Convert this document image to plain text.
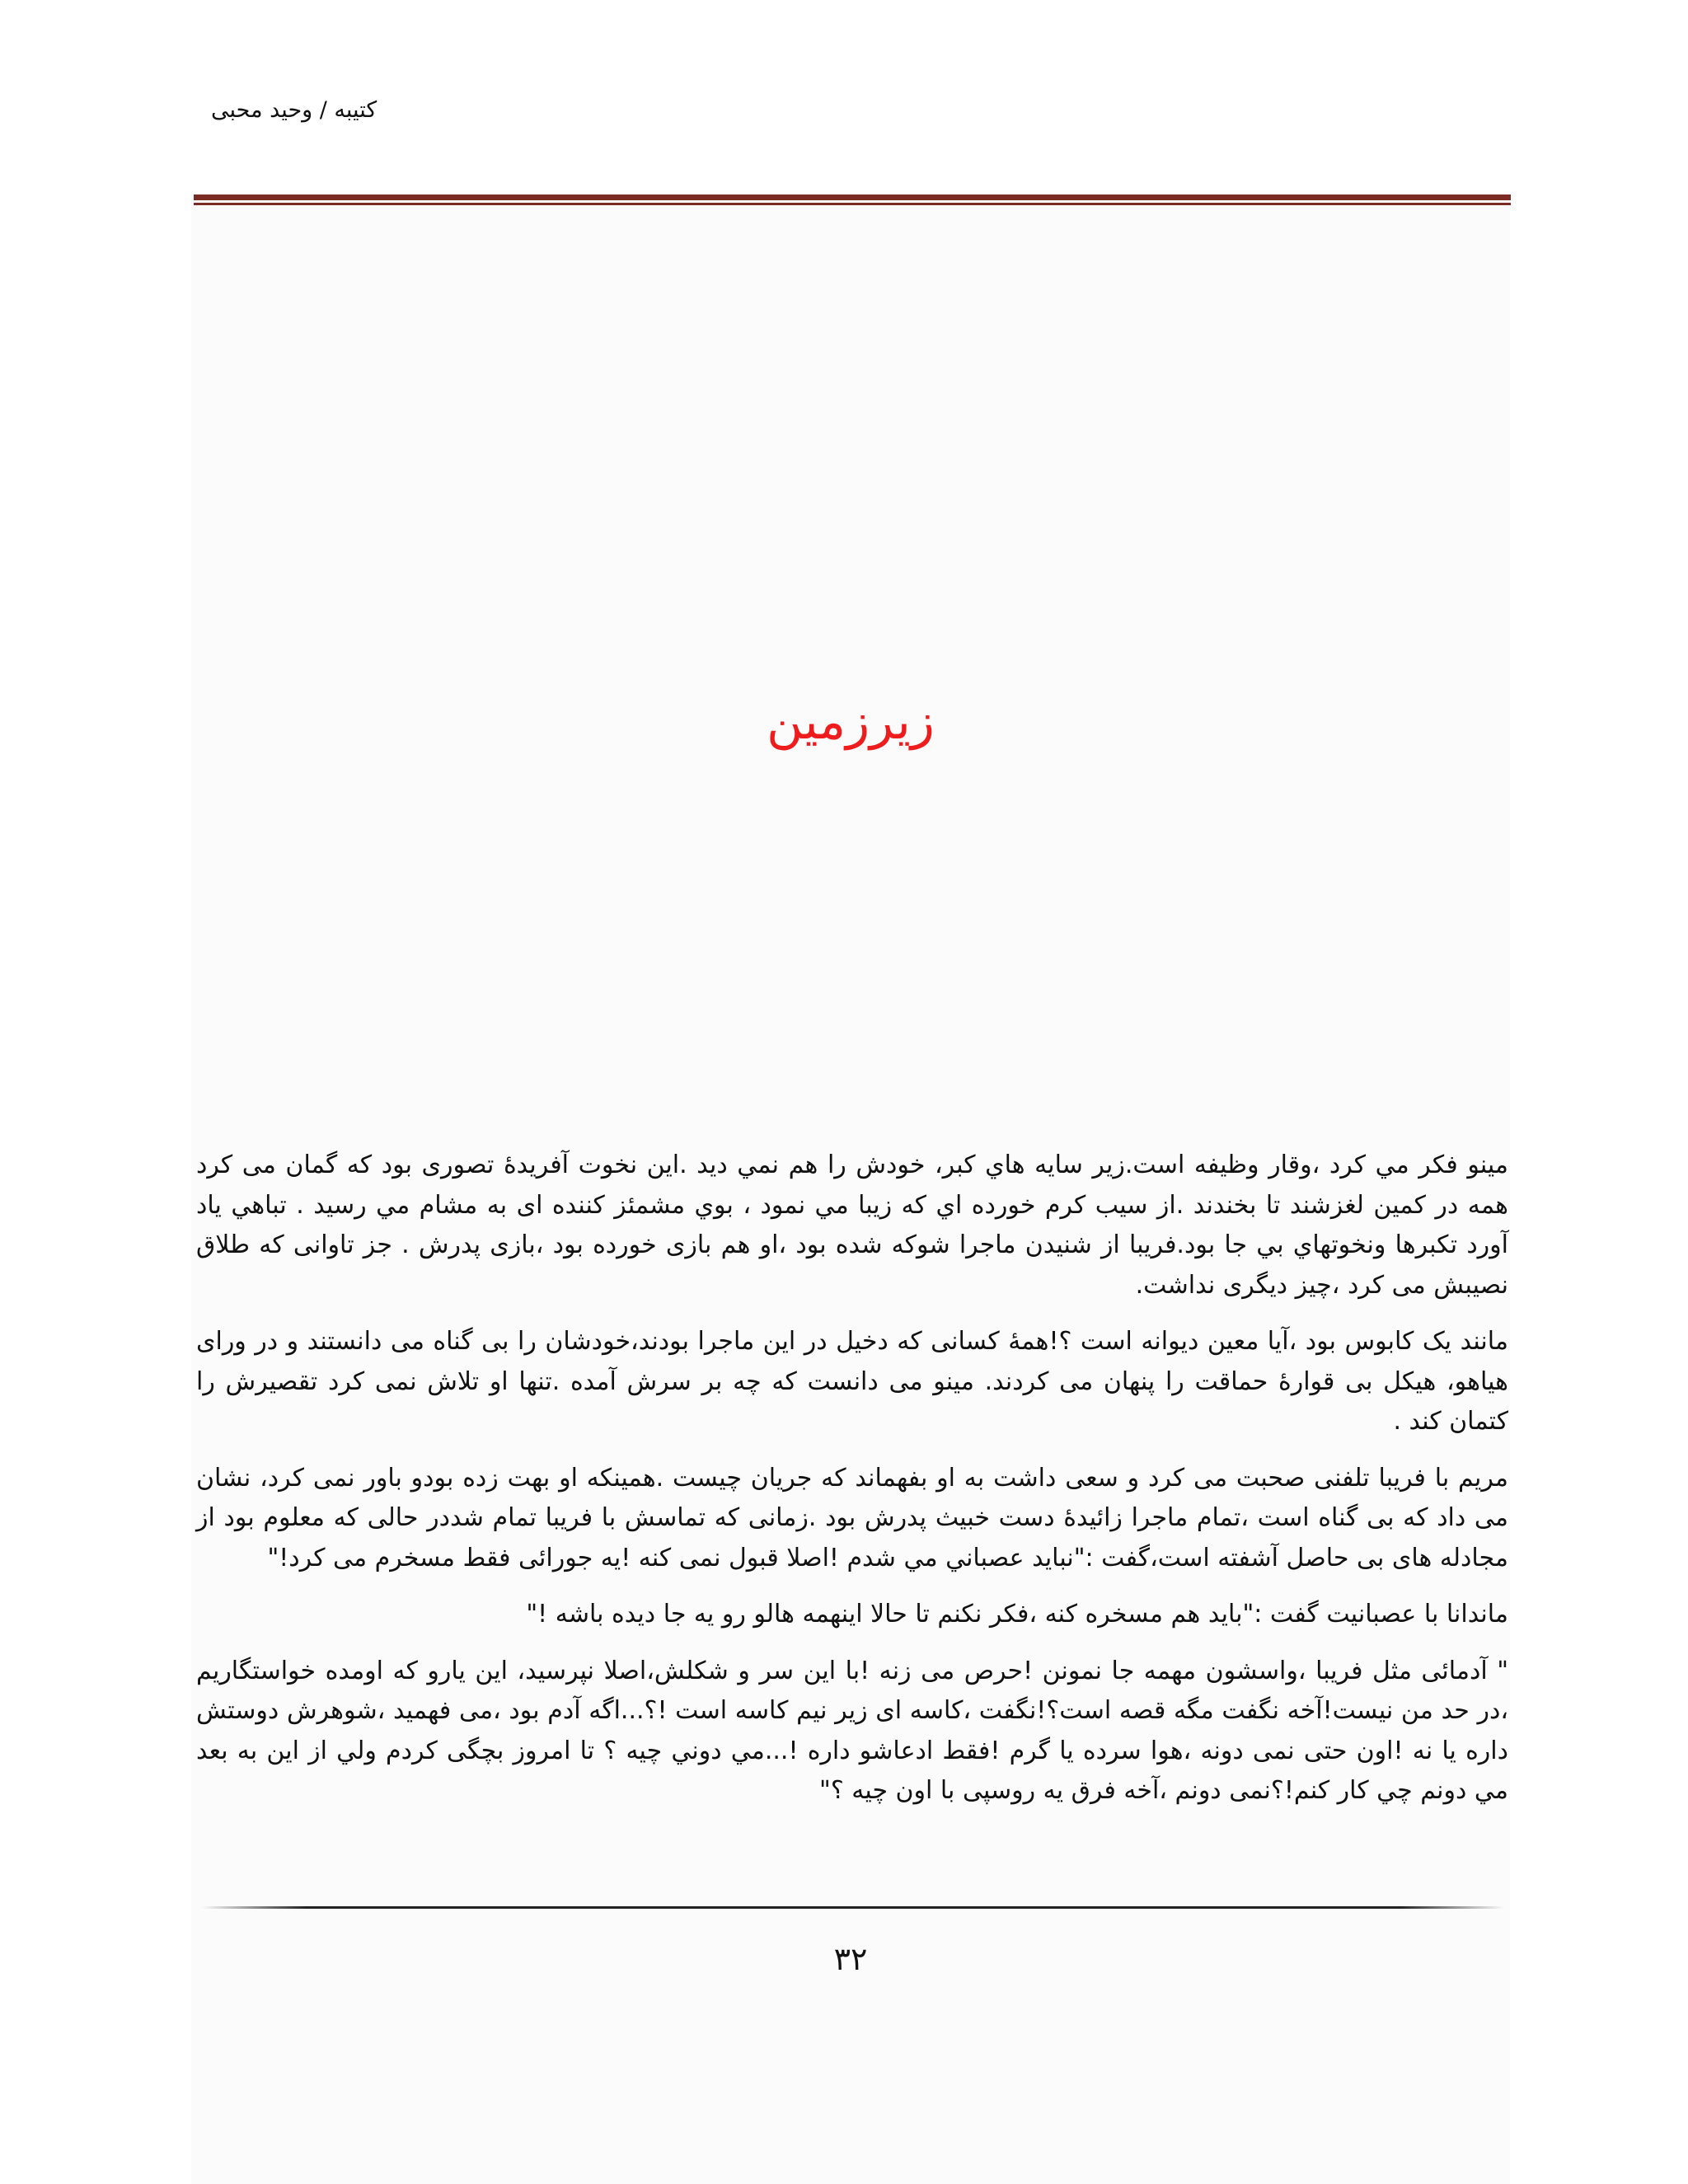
کتیبه / وحید محبی
زیرزمین

مینو فکر مي کرد ،وقار وظیفه است.زیر سایه هاي کبر، خودش را هم نمي دید .این نخوت آفریدۀ تصوری بود که گمان می کرد همه در کمین لغزشند تا بخندند .از سیب کرم خورده اي که زیبا مي نمود ، بوي مشمئز کننده ای به مشام مي رسید . تباهي یاد آورد تکبرها ونخوتهاي بي جا بود.فریبا از شنیدن ماجرا شوکه شده بود ،او هم بازی خورده بود ،بازی پدرش . جز تاوانی که طلاق نصیبش می کرد ،چیز دیگری نداشت.

مانند یک کابوس بود ،آیا معین دیوانه است ؟!همۀ کسانی که دخیل در این ماجرا بودند،خودشان را بی گناه می دانستند و در ورای هیاهو، هیکل بی قوارۀ حماقت را پنهان می کردند. مینو می دانست که چه بر سرش آمده .تنها او تلاش نمی کرد تقصیرش را کتمان کند .

مریم با فریبا تلفنی صحبت می کرد و سعی داشت به او بفهماند که جریان چیست .همینکه او بهت زده بودو باور نمی کرد، نشان می داد که بی گناه است ،تمام ماجرا زائیدۀ دست خبیث پدرش بود .زمانی که تماسش با فریبا تمام شددر حالی که معلوم بود از مجادله های بی حاصل آشفته است،گفت :"نباید عصباني مي شدم !اصلا قبول نمی کنه !یه جورائی فقط مسخرم می کرد!"

ماندانا با عصبانیت گفت :"باید هم مسخره کنه ،فکر نکنم تا حالا اینهمه هالو رو یه جا دیده باشه !"

" آدمائی مثل فریبا ،واسشون مهمه جا نمونن !حرص می زنه !با این سر و شکلش،اصلا نپرسید، این یارو که اومده خواستگاریم ،در حد من نیست!آخه نگفت مگه قصه است؟!نگفت ،کاسه ای زیر نیم کاسه است !؟...اگه آدم بود ،می فهمید ،شوهرش دوستش داره یا نه !اون حتی نمی دونه ،هوا سرده یا گرم !فقط ادعاشو داره !...مي دوني چیه ؟ تا امروز بچگی کردم ولي از این به بعد مي دونم چي کار کنم!؟نمی دونم ،آخه فرق یه روسپی با اون چیه ؟"

۳۲
